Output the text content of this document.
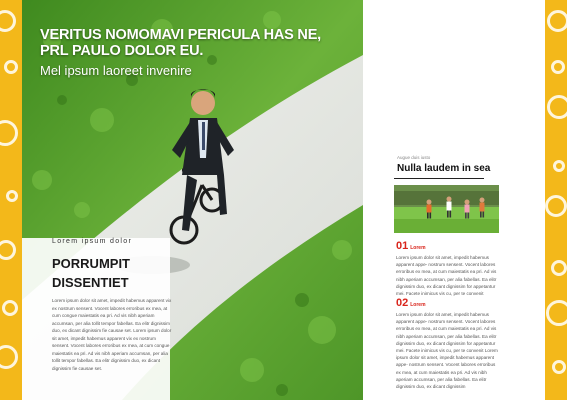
VERITUS NOMOMAVI PERICULA HAS NE, PRL PAULO DOLOR EU.
Mel ipsum laoreet invenire
Lorem ipsum dolor
PORRUMPIT DISSENTIET
Lorem ipsum dolor sit amet, impedit habemus apparent vix ex nostrum sensent. Vocent labores erroribus ex mea, at cum congue maiestatis ea pri. Ad vis nibh aperiam accumsan, per alia tollit tempor fabellas. Ea elitr dignissim duo, ex dicant dignissim fie causae set. Lorem ipsum dolor sit amet, impedit habemus apparent vix ex nostrum sensent. Vocent labores erroribus ex mea, at cum congue maiestatis ea pri. Ad vis nibh aperiam accumsan, per alia tollit tempor fabellas. Ea elitr dignissim duo, ex dicant dignissim fie causae set.
Augue duis iusto
Nulla laudem in sea
01 Lorem
Lorem ipsum dolor sit amet, impedit habemus apparent appe- nostrum sensent. Vocent labores erroribus ex mea, at cum maiestatis ea pri. Ad vis nibh aperiam accumsan, per alia fabellas. Ea elitr dignissim duo, ex dicant dignissim for appetantur mei. Facete inimicus vis cu, per te convenit
02 Lorem
Lorem ipsum dolor sit amet, impedit habemus apparent appe- nostrum sensent. Vocent labores erroribus ex mea, at cum maiestatis ea pri. Ad vis nibh aperiam accumsan, per alia fabellas. Ea elitr dignissim duo, ex dicant dignissim for appetantur mei. Facete inimicus vis cu, per te convenit Lorem ipsum dolor sit amet, impedit habemus apparent appe- nostrum sensent. Vocent labores erroribus ex mea, at cum maiestatis ea pri. Ad vis nibh aperiam accumsan, per alia fabellas. Ea elitr dignissim duo, ex dicant dignissim
